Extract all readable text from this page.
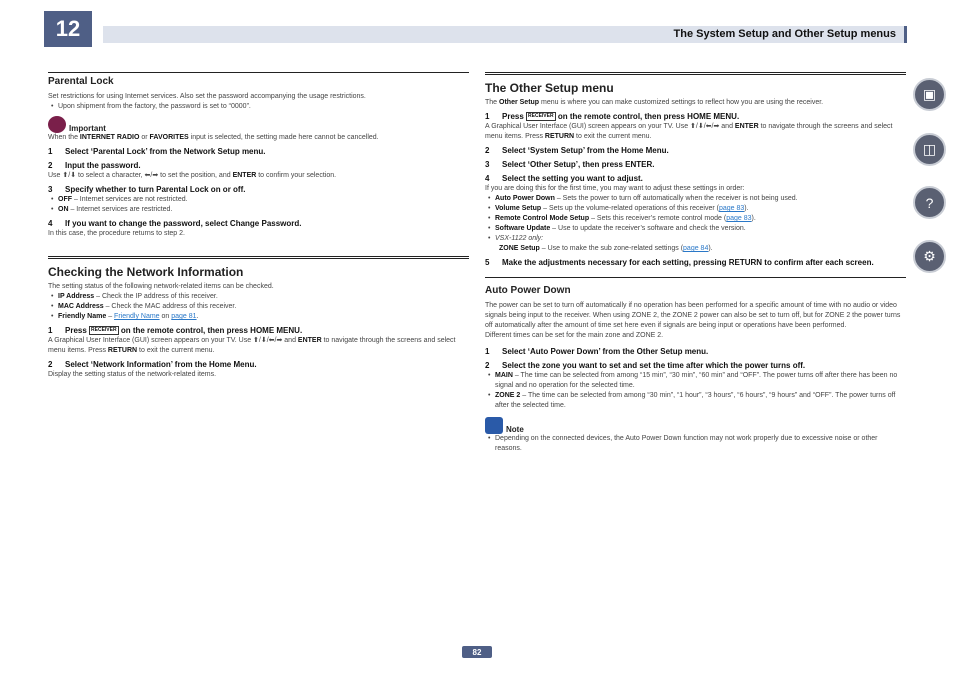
12	The System Setup and Other Setup menus
Parental Lock
Set restrictions for using Internet services. Also set the password accompanying the usage restrictions.
• Upon shipment from the factory, the password is set to “0000”.
Important
When the INTERNET RADIO or FAVORITES input is selected, the setting made here cannot be cancelled.
1 Select ‘Parental Lock’ from the Network Setup menu.
2 Input the password.
Use ⬆/⬇ to select a character, ⬅/➡ to set the position, and ENTER to confirm your selection.
3 Specify whether to turn Parental Lock on or off.
• OFF – Internet services are not restricted.
• ON – Internet services are restricted.
4 If you want to change the password, select Change Password.
In this case, the procedure returns to step 2.
Checking the Network Information
The setting status of the following network-related items can be checked.
• IP Address – Check the IP address of this receiver.
• MAC Address – Check the MAC address of this receiver.
• Friendly Name – Friendly Name on page 81.
1 Press RECEIVER on the remote control, then press HOME MENU.
A Graphical User Interface (GUI) screen appears on your TV. Use ⬆/⬇/⬅/➡ and ENTER to navigate through the screens and select menu items. Press RETURN to exit the current menu.
2 Select ‘Network Information’ from the Home Menu.
Display the setting status of the network-related items.
The Other Setup menu
The Other Setup menu is where you can make customized settings to reflect how you are using the receiver.
1 Press RECEIVER on the remote control, then press HOME MENU.
A Graphical User Interface (GUI) screen appears on your TV. Use ⬆/⬇/⬅/➡ and ENTER to navigate through the screens and select menu items. Press RETURN to exit the current menu.
2 Select ‘System Setup’ from the Home Menu.
3 Select ‘Other Setup’, then press ENTER.
4 Select the setting you want to adjust.
If you are doing this for the first time, you may want to adjust these settings in order:
• Auto Power Down – Sets the power to turn off automatically when the receiver is not being used.
• Volume Setup – Sets up the volume-related operations of this receiver (page 83).
• Remote Control Mode Setup – Sets this receiver’s remote control mode (page 83).
• Software Update – Use to update the receiver’s software and check the version.
• VSX-1122 only:
ZONE Setup – Use to make the sub zone-related settings (page 84).
5	Make the adjustments necessary for each setting, pressing RETURN to confirm after each screen.
Auto Power Down
The power can be set to turn off automatically if no operation has been performed for a specific amount of time with no audio or video signals being input to the receiver. When using ZONE 2, the ZONE 2 power can also be set to turn off, but for ZONE 2 the power turns off automatically after the amount of time set here even if signals are being input or operations have been performed.
Different times can be set for the main zone and ZONE 2.
1 Select ‘Auto Power Down’ from the Other Setup menu.
2 Select the zone you want to set and set the time after which the power turns off.
• MAIN – The time can be selected from among “15 min”, “30 min”, “60 min” and “OFF”. The power turns off after there has been no signal and no operation for the selected time.
• ZONE 2 – The time can be selected from among “30 min”, “1 hour”, “3 hours”, “6 hours”, “9 hours” and “OFF”. The power turns off after the selected time.
Note
• Depending on the connected devices, the Auto Power Down function may not work properly due to excessive noise or other reasons.
▣
◫
?
⚙
82
